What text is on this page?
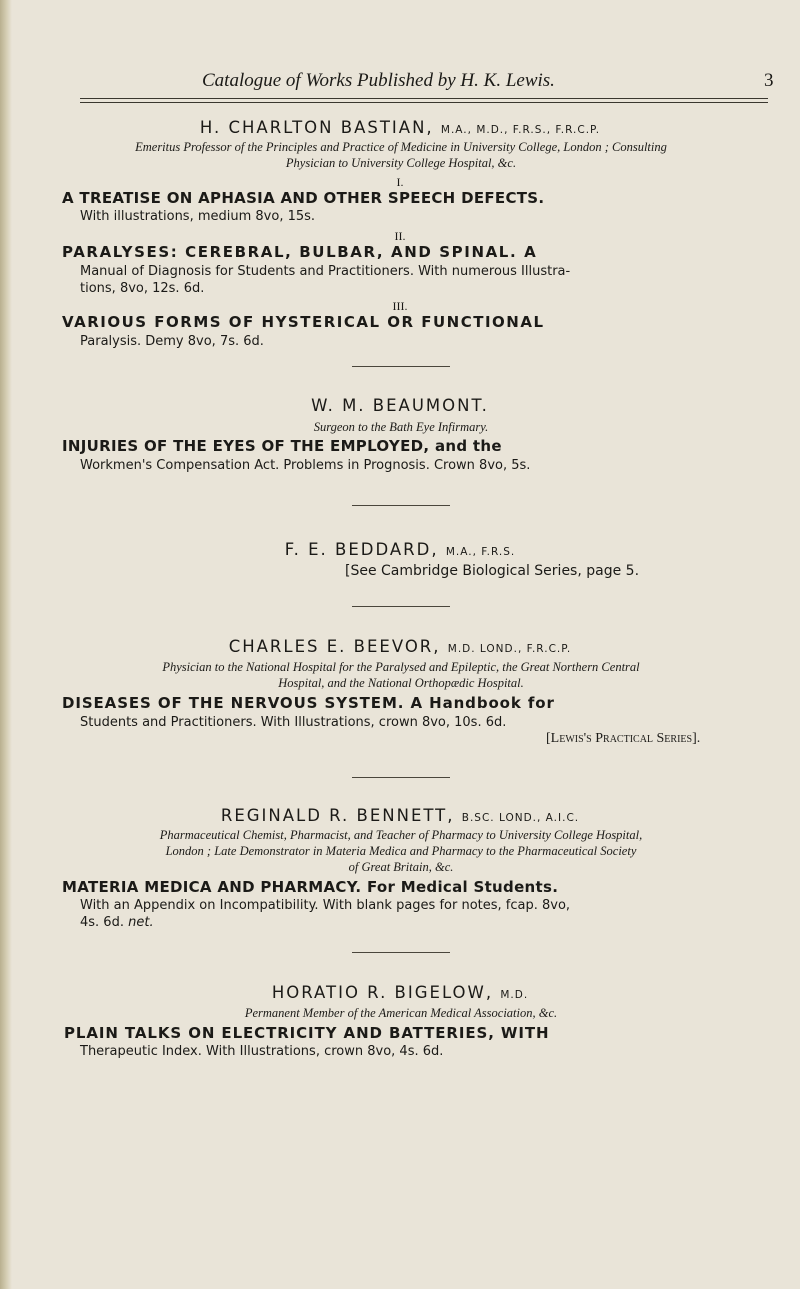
Catalogue of Works Published by H. K. Lewis.	3
H. CHARLTON BASTIAN, M.A., M.D., F.R.S., F.R.C.P.
Emeritus Professor of the Principles and Practice of Medicine in University College, London ; Consulting
Physician to University College Hospital, &c.
I.
A TREATISE ON APHASIA AND OTHER SPEECH DEFECTS.
With illustrations, medium 8vo, 15s.
II.
PARALYSES: CEREBRAL, BULBAR, AND SPINAL. A
Manual of Diagnosis for Students and Practitioners. With numerous Illustra-
tions, 8vo, 12s. 6d.
III.
VARIOUS FORMS OF HYSTERICAL OR FUNCTIONAL
Paralysis. Demy 8vo, 7s. 6d.
W. M. BEAUMONT.
Surgeon to the Bath Eye Infirmary.
INJURIES OF THE EYES OF THE EMPLOYED, and the
Workmen's Compensation Act. Problems in Prognosis. Crown 8vo, 5s.
F. E. BEDDARD, M.A., F.R.S.
[See Cambridge Biological Series, page 5.
CHARLES E. BEEVOR, M.D. LOND., F.R.C.P.
Physician to the National Hospital for the Paralysed and Epileptic, the Great Northern Central
Hospital, and the National Orthopædic Hospital.
DISEASES OF THE NERVOUS SYSTEM. A Handbook for
Students and Practitioners. With Illustrations, crown 8vo, 10s. 6d.
[Lewis's Practical Series].
REGINALD R. BENNETT, B.SC. LOND., A.I.C.
Pharmaceutical Chemist, Pharmacist, and Teacher of Pharmacy to University College Hospital,
London ; Late Demonstrator in Materia Medica and Pharmacy to the Pharmaceutical Society
of Great Britain, &c.
MATERIA MEDICA AND PHARMACY. For Medical Students.
With an Appendix on Incompatibility. With blank pages for notes, fcap. 8vo,
4s. 6d. net.
HORATIO R. BIGELOW, M.D.
Permanent Member of the American Medical Association, &c.
PLAIN TALKS ON ELECTRICITY AND BATTERIES, WITH
Therapeutic Index. With Illustrations, crown 8vo, 4s. 6d.
